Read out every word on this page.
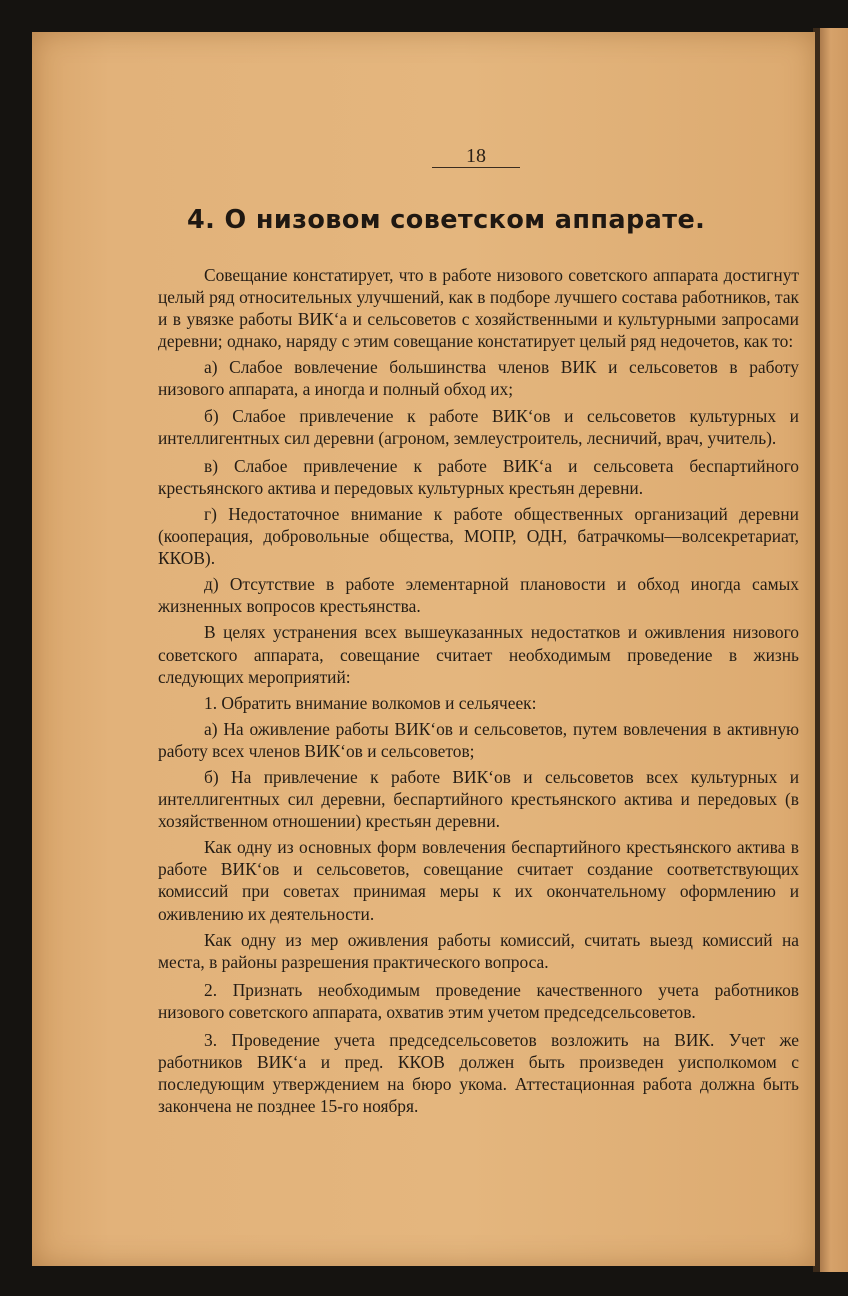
18
4. О низовом советском аппарате.

Совещание констатирует, что в работе низового советского аппарата достигнут целый ряд относительных улучшений, как в подборе лучшего состава работников, так и в увязке работы ВИК‘а и сельсоветов с хозяйственными и культурными запросами деревни; однако, наряду с этим совещание констатирует целый ряд недочетов, как то:

а) Слабое вовлечение большинства членов ВИК и сельсоветов в работу низового аппарата, а иногда и полный обход их;

б) Слабое привлечение к работе ВИК‘ов и сельсоветов культурных и интеллигентных сил деревни (агроном, землеустроитель, лесничий, врач, учитель).

в) Слабое привлечение к работе ВИК‘а и сельсовета беспартийного крестьянского актива и передовых культурных крестьян деревни.

г) Недостаточное внимание к работе общественных организаций деревни (кооперация, добровольные общества, МОПР, ОДН, батрачкомы—волсекретариат, ККОВ).

д) Отсутствие в работе элементарной плановости и обход иногда самых жизненных вопросов крестьянства.

В целях устранения всех вышеуказанных недостатков и оживления низового советского аппарата, совещание считает необходимым проведение в жизнь следующих мероприятий:

1. Обратить внимание волкомов и сельячеек:

а) На оживление работы ВИК‘ов и сельсоветов, путем вовлечения в активную работу всех членов ВИК‘ов и сельсоветов;

б) На привлечение к работе ВИК‘ов и сельсоветов всех культурных и интеллигентных сил деревни, беспартийного крестьянского актива и передовых (в хозяйственном отношении) крестьян деревни.

Как одну из основных форм вовлечения беспартийного крестьянского актива в работе ВИК‘ов и сельсоветов, совещание считает создание соответствующих комиссий при советах принимая меры к их окончательному оформлению и оживлению их деятельности.

Как одну из мер оживления работы комиссий, считать выезд комиссий на места, в районы разрешения практического вопроса.

2. Признать необходимым проведение качественного учета работников низового советского аппарата, охватив этим учетом председсельсоветов.

3. Проведение учета председсельсоветов возложить на ВИК. Учет же работников ВИК‘а и пред. ККОВ должен быть произведен уисполкомом с последующим утверждением на бюро укома. Аттестационная работа должна быть закончена не позднее 15-го ноября.
